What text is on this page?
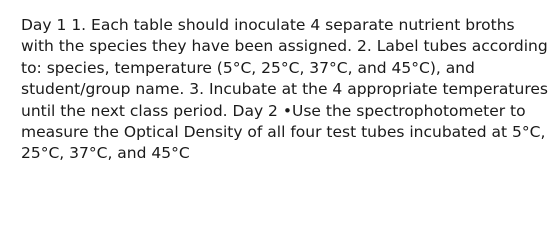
Day 1 1. Each table should inoculate 4 separate nutrient broths with the species they have been assigned. 2. Label tubes according to: species, temperature (5°C, 25°C, 37°C, and 45°C), and student/group name. 3. Incubate at the 4 appropriate temperatures until the next class period. Day 2 •Use the spectrophotometer to measure the Optical Density of all four test tubes incubated at 5°C, 25°C, 37°C, and 45°C
